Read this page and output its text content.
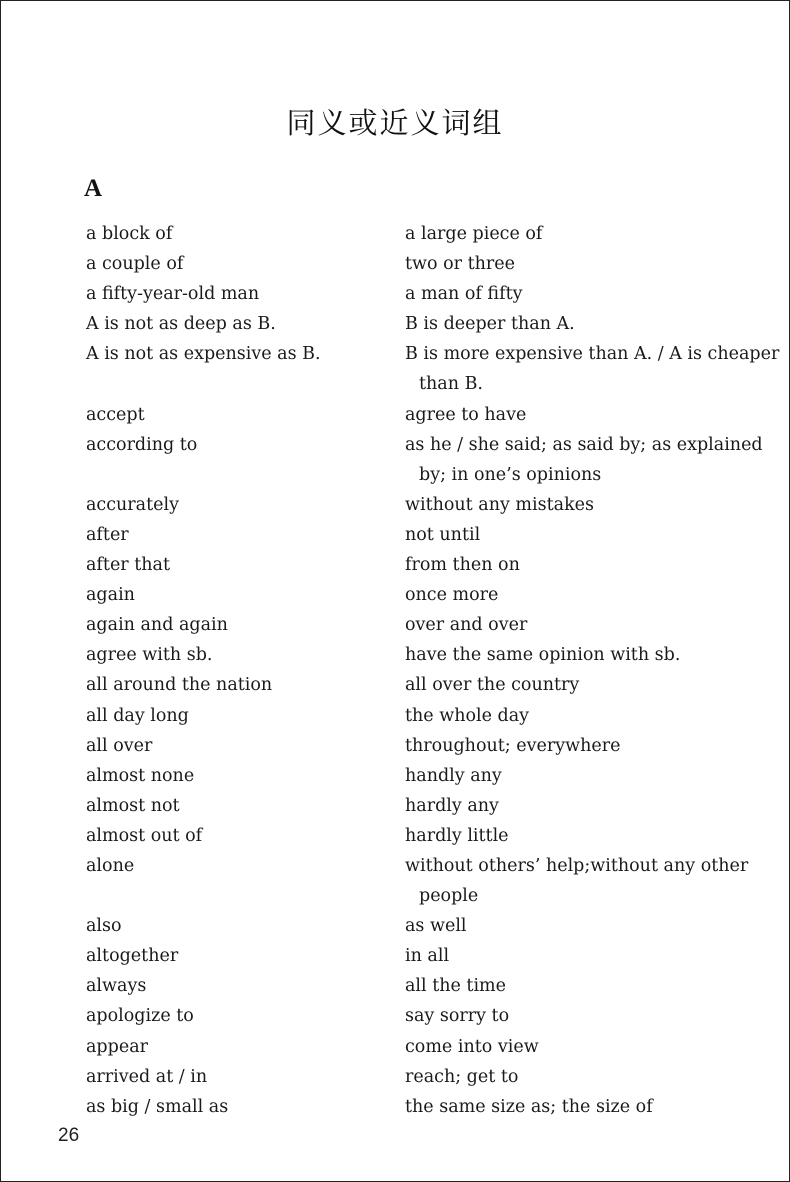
同义或近义词组
A
a block of	a large piece of
a couple of	two or three
a fifty-year-old man	a man of fifty
A is not as deep as B.	B is deeper than A.
A is not as expensive as B.	B is more expensive than A. / A is cheaper
than B.
accept	agree to have
according to	as he / she said; as said by; as explained
by; in one’s opinions
accurately	without any mistakes
after	not until
after that	from then on
again	once more
again and again	over and over
agree with sb.	have the same opinion with sb.
all around the nation	all over the country
all day long	the whole day
all over	throughout; everywhere
almost none	handly any
almost not	hardly any
almost out of	hardly little
alone	without others’ help;without any other
people
also	as well
altogether	in all
always	all the time
apologize to	say sorry to
appear	come into view
arrived at / in	reach; get to
as big / small as	the same size as; the size of
26
